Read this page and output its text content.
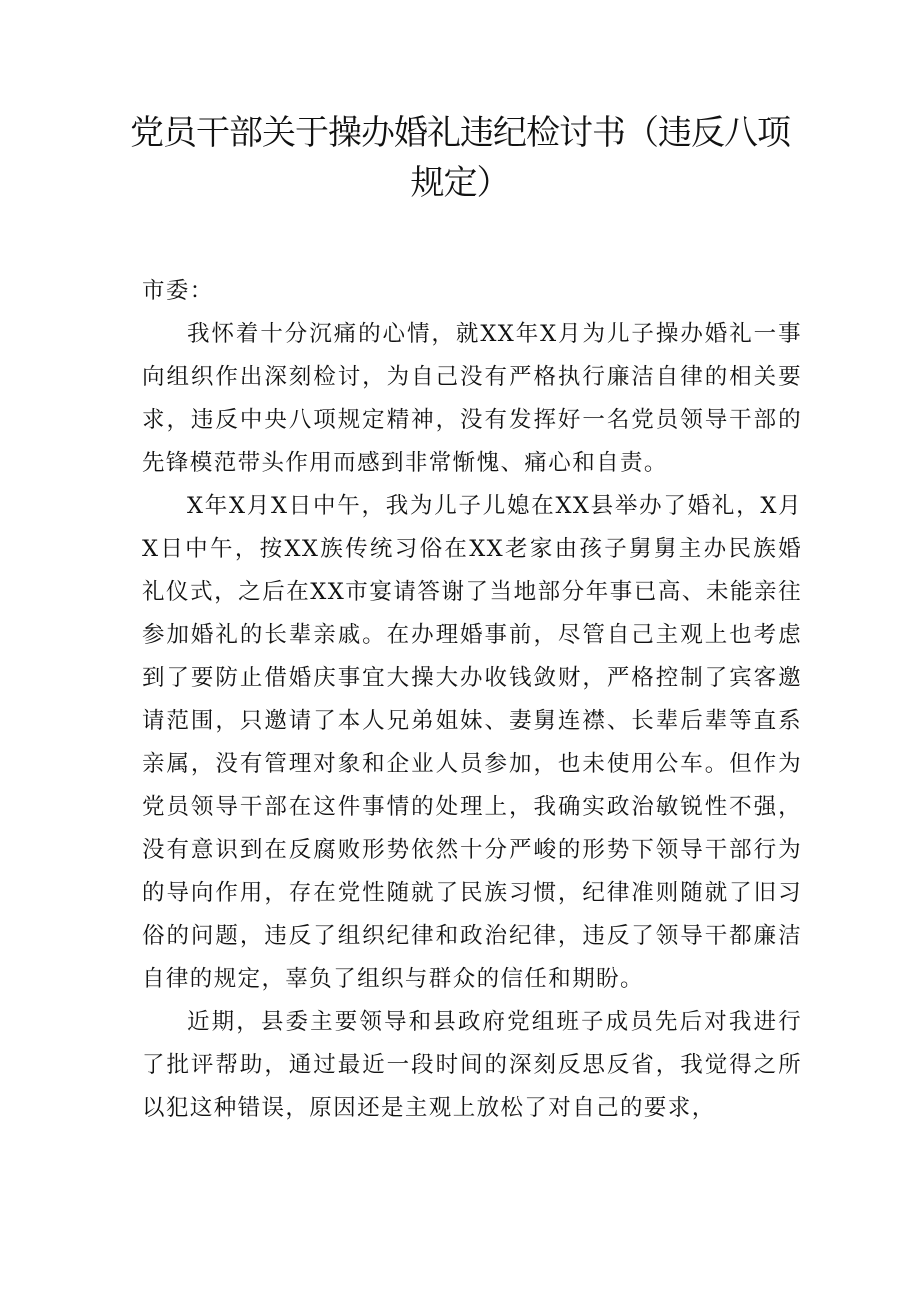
党员干部关于操办婚礼违纪检讨书（违反八项规定）

市委：

我怀着十分沉痛的心情，就XX年X月为儿子操办婚礼一事向组织作出深刻检讨，为自己没有严格执行廉洁自律的相关要求，违反中央八项规定精神，没有发挥好一名党员领导干部的先锋模范带头作用而感到非常惭愧、痛心和自责。

X年X月X日中午，我为儿子儿媳在XX县举办了婚礼，X月X日中午，按XX族传统习俗在XX老家由孩子舅舅主办民族婚礼仪式，之后在XX市宴请答谢了当地部分年事已高、未能亲往参加婚礼的长辈亲戚。在办理婚事前，尽管自己主观上也考虑到了要防止借婚庆事宜大操大办收钱敛财，严格控制了宾客邀请范围，只邀请了本人兄弟姐妹、妻舅连襟、长辈后辈等直系亲属，没有管理对象和企业人员参加，也未使用公车。但作为党员领导干部在这件事情的处理上，我确实政治敏锐性不强，没有意识到在反腐败形势依然十分严峻的形势下领导干部行为的导向作用，存在党性随就了民族习惯，纪律准则随就了旧习俗的问题，违反了组织纪律和政治纪律，违反了领导干都廉洁自律的规定，辜负了组织与群众的信任和期盼。

近期，县委主要领导和县政府党组班子成员先后对我进行了批评帮助，通过最近一段时间的深刻反思反省，我觉得之所以犯这种错误，原因还是主观上放松了对自己的要求，
